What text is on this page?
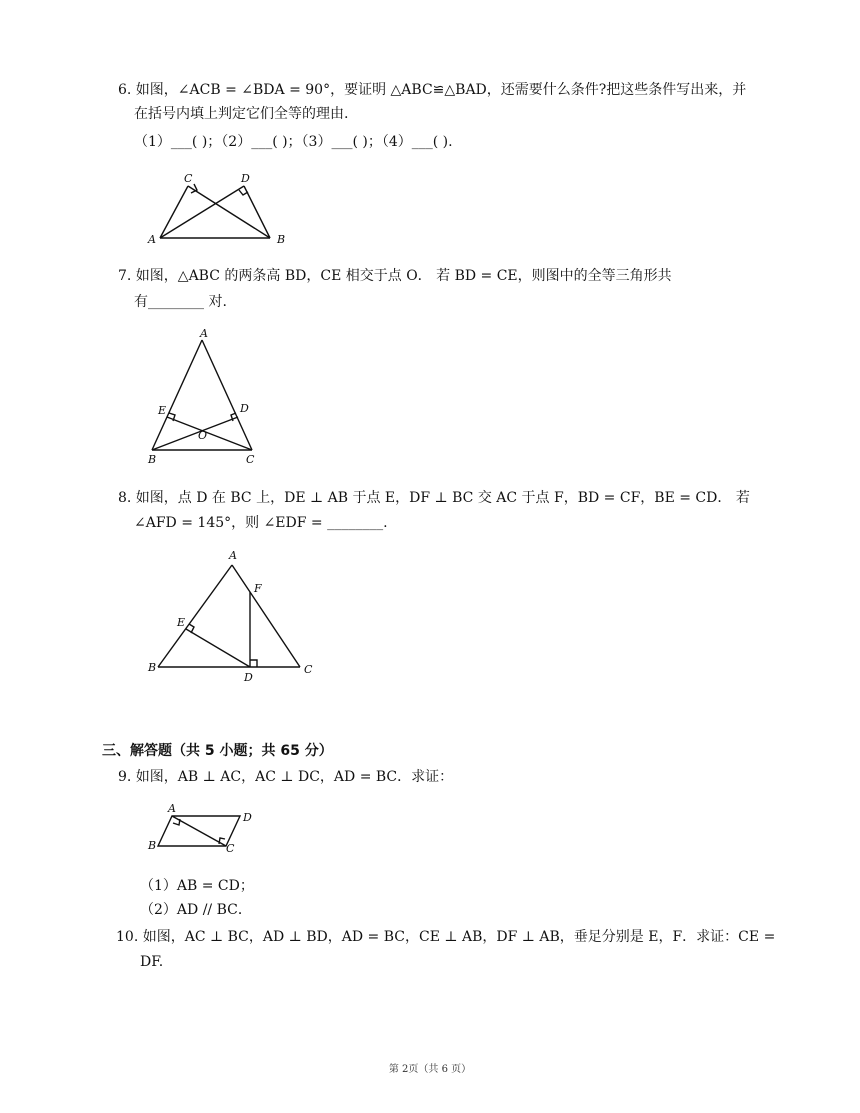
6. 如图，∠ACB = ∠BDA = 90°，要证明 △ABC≌△BAD，还需要什么条件?把这些条件写出来，并
在括号内填上判定它们全等的理由.
（1）___( )；（2）___( )；（3）___( )；（4）___( ).
C	D
A	B
7. 如图，△ABC 的两条高 BD，CE 相交于点 O． 若 BD = CE，则图中的全等三角形共
有________ 对.
A
E	D
O
B	C
8. 如图，点 D 在 BC 上，DE ⊥ AB 于点 E，DF ⊥ BC 交 AC 于点 F，BD = CF，BE = CD． 若
∠AFD = 145°，则 ∠EDF = ________.
A
F
E
B
D
C
三、解答题（共 5 小题；共 65 分）
9. 如图，AB ⊥ AC，AC ⊥ DC，AD = BC．求证：
A
D
B	C
（1）AB = CD；
（2）AD // BC．
10. 如图，AC ⊥ BC，AD ⊥ BD，AD = BC，CE ⊥ AB，DF ⊥ AB，垂足分别是 E，F．求证：CE =
DF.
第 2页（共 6 页）
